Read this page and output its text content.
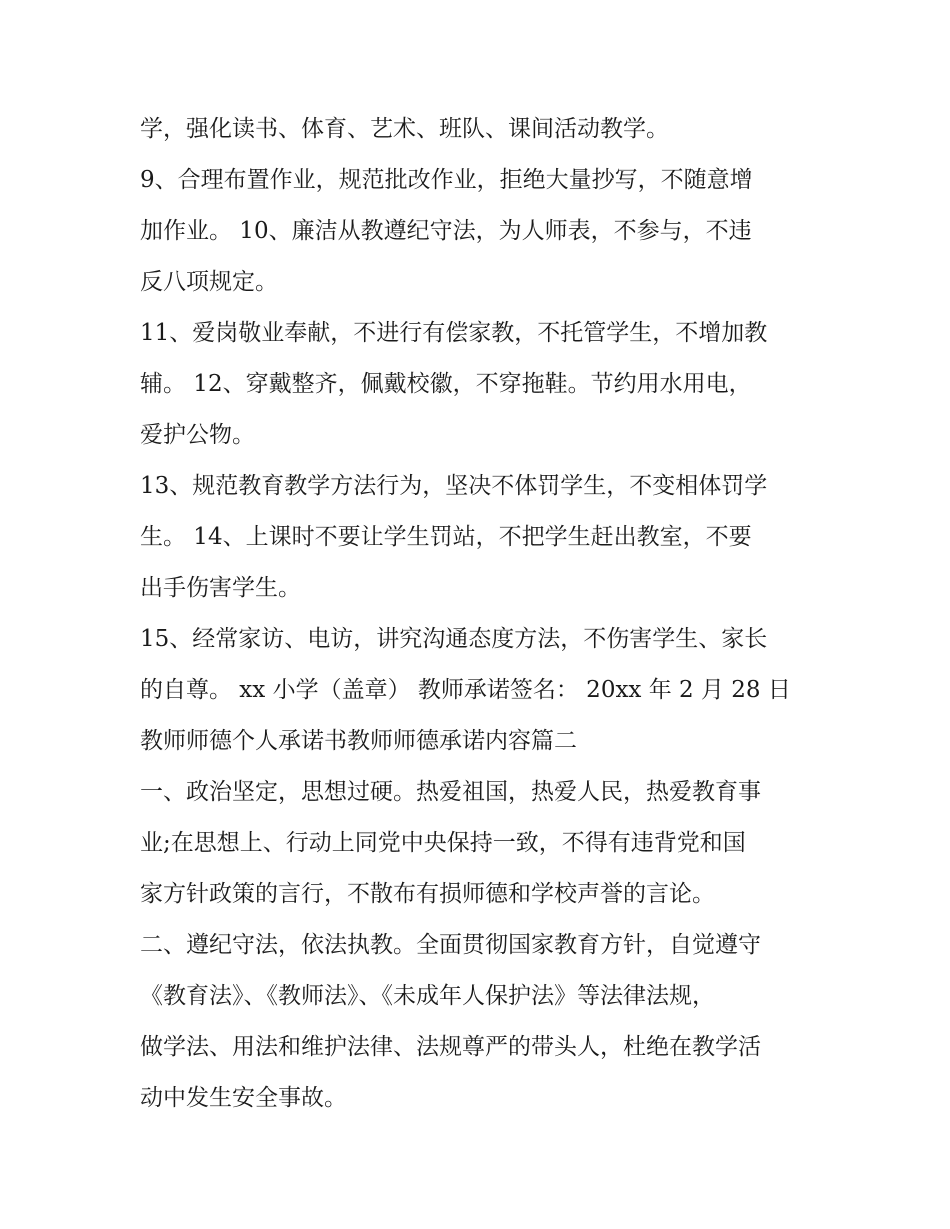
学，强化读书、体育、艺术、班队、课间活动教学。
9、合理布置作业，规范批改作业，拒绝大量抄写，不随意增
加作业。 10、廉洁从教遵纪守法，为人师表，不参与，不违
反八项规定。
11、爱岗敬业奉献，不进行有偿家教，不托管学生，不增加教
辅。 12、穿戴整齐，佩戴校徽，不穿拖鞋。节约用水用电，
爱护公物。
13、规范教育教学方法行为，坚决不体罚学生，不变相体罚学
生。 14、上课时不要让学生罚站，不把学生赶出教室，不要
出手伤害学生。
15、经常家访、电访，讲究沟通态度方法，不伤害学生、家长
的自尊。 xx 小学（盖章） 教师承诺签名： 20xx 年 2 月 28 日
教师师德个人承诺书教师师德承诺内容篇二
一、政治坚定，思想过硬。热爱祖国，热爱人民，热爱教育事
业;在思想上、行动上同党中央保持一致，不得有违背党和国
家方针政策的言行，不散布有损师德和学校声誉的言论。
二、遵纪守法，依法执教。全面贯彻国家教育方针，自觉遵守
《教育法》、《教师法》、《未成年人保护法》等法律法规，
做学法、用法和维护法律、法规尊严的带头人，杜绝在教学活
动中发生安全事故。
